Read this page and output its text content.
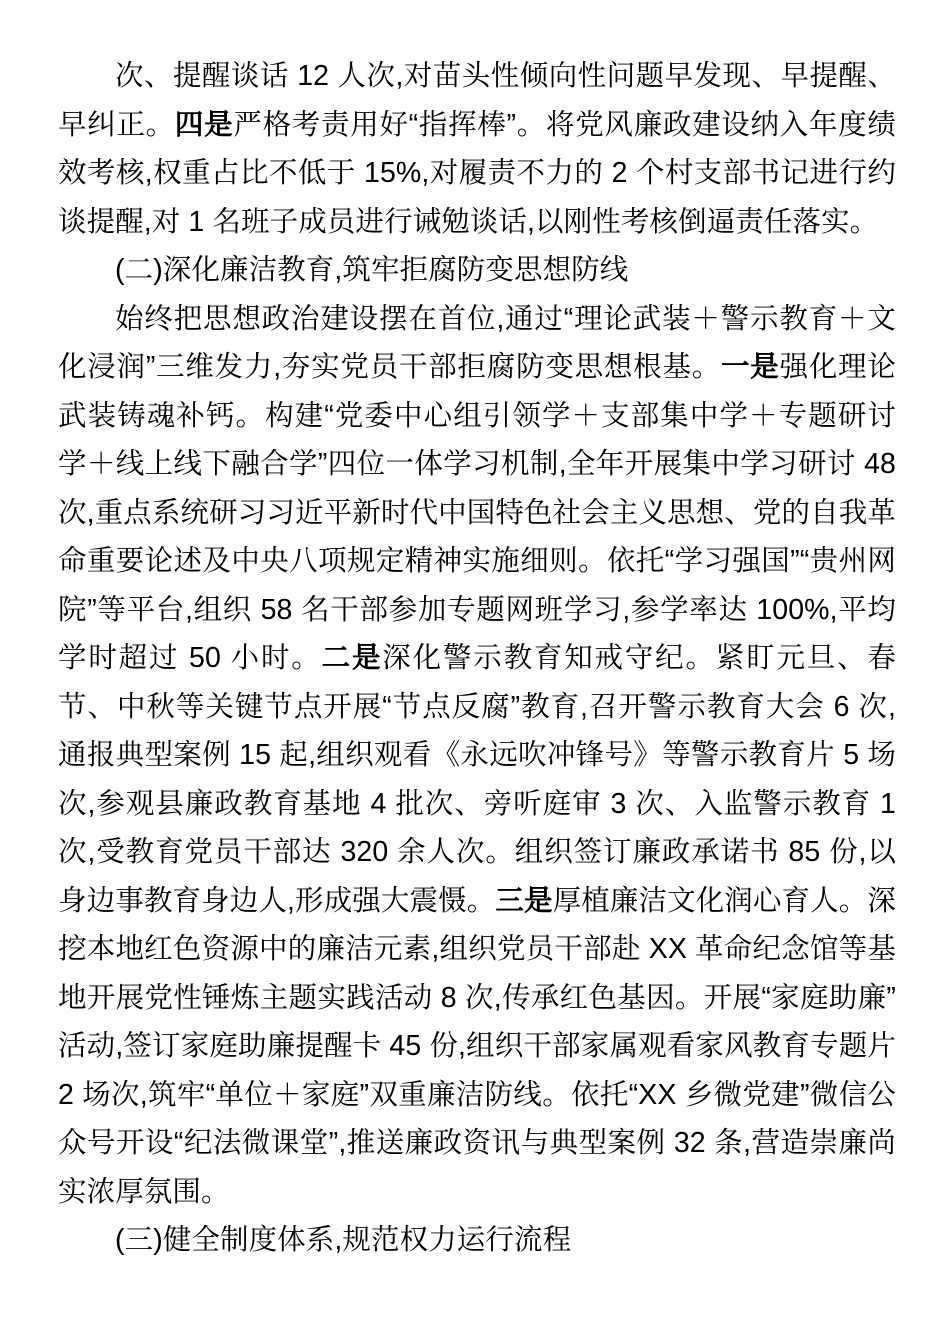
次、提醒谈话 12 人次,对苗头性倾向性问题早发现、早提醒、早纠正。四是严格考责用好“指挥棒”。将党风廉政建设纳入年度绩效考核,权重占比不低于 15%,对履责不力的 2 个村支部书记进行约谈提醒,对 1 名班子成员进行诫勉谈话,以刚性考核倒逼责任落实。

(二)深化廉洁教育,筑牢拒腐防变思想防线

始终把思想政治建设摆在首位,通过“理论武装＋警示教育＋文化浸润”三维发力,夯实党员干部拒腐防变思想根基。一是强化理论武装铸魂补钙。构建“党委中心组引领学＋支部集中学＋专题研讨学＋线上线下融合学”四位一体学习机制,全年开展集中学习研讨 48 次,重点系统研习习近平新时代中国特色社会主义思想、党的自我革命重要论述及中央八项规定精神实施细则。依托“学习强国”“贵州网院”等平台,组织 58 名干部参加专题网班学习,参学率达 100%,平均学时超过 50 小时。二是深化警示教育知戒守纪。紧盯元旦、春节、中秋等关键节点开展“节点反腐”教育,召开警示教育大会 6 次,通报典型案例 15 起,组织观看《永远吹冲锋号》等警示教育片 5 场次,参观县廉政教育基地 4 批次、旁听庭审 3 次、入监警示教育 1 次,受教育党员干部达 320 余人次。组织签订廉政承诺书 85 份,以身边事教育身边人,形成强大震慑。三是厚植廉洁文化润心育人。深挖本地红色资源中的廉洁元素,组织党员干部赴 XX 革命纪念馆等基地开展党性锤炼主题实践活动 8 次,传承红色基因。开展“家庭助廉”活动,签订家庭助廉提醒卡 45 份,组织干部家属观看家风教育专题片 2 场次,筑牢“单位＋家庭”双重廉洁防线。依托“XX 乡微党建”微信公众号开设“纪法微课堂”,推送廉政资讯与典型案例 32 条,营造崇廉尚实浓厚氛围。

(三)健全制度体系,规范权力运行流程
